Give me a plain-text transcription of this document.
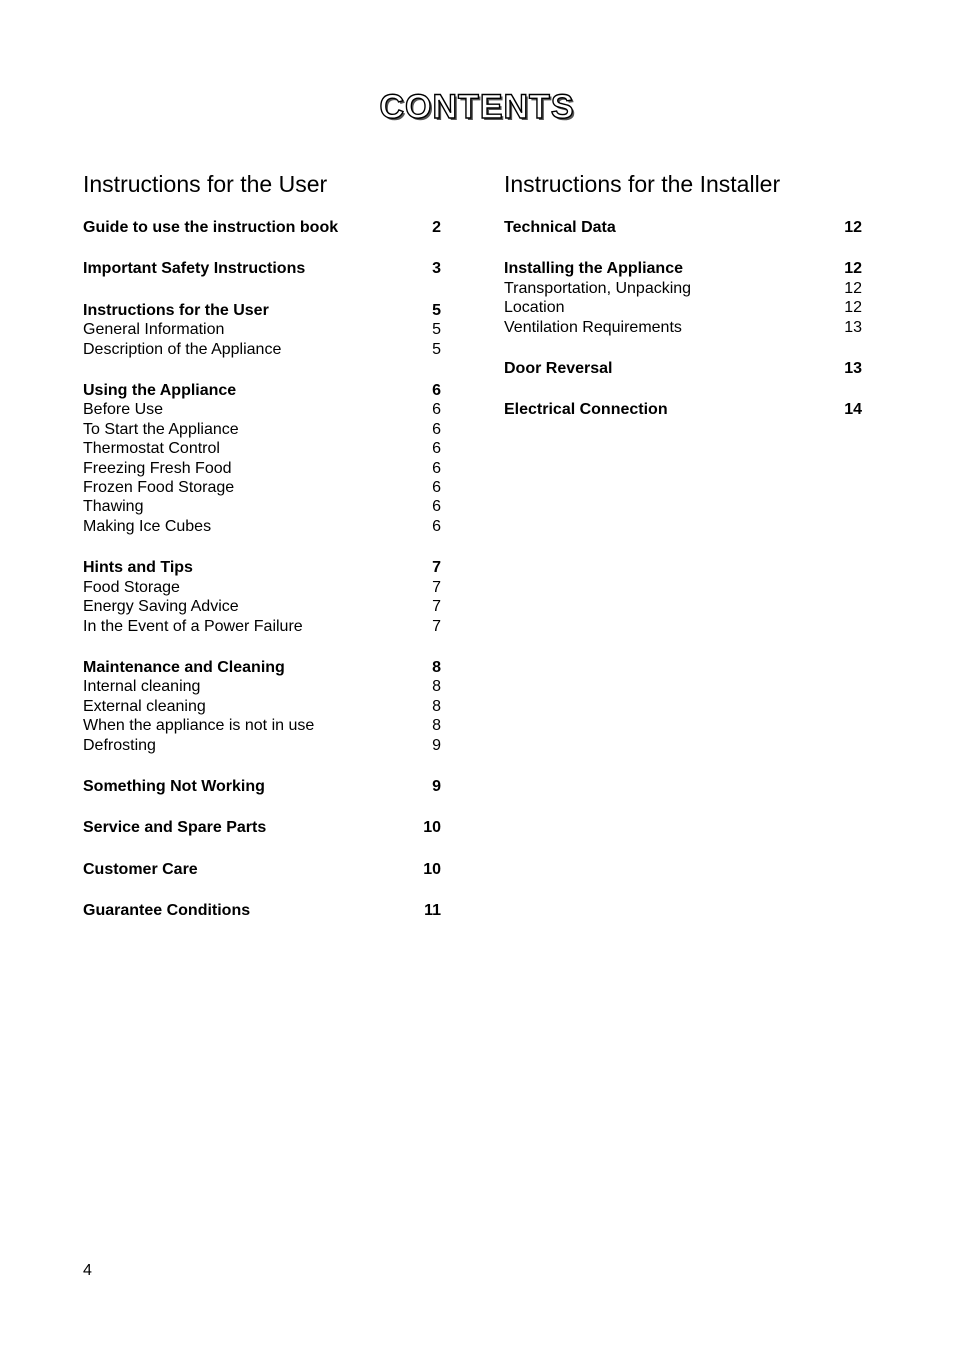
CONTENTS
Instructions for the User
Guide to use the instruction book	2
Important Safety Instructions	3
Instructions for the User	5
General Information	5
Description of the Appliance	5
Using the Appliance	6
Before Use	6
To Start the Appliance	6
Thermostat Control	6
Freezing Fresh Food	6
Frozen Food Storage	6
Thawing	6
Making Ice Cubes	6
Hints and Tips	7
Food Storage	7
Energy Saving Advice	7
In the Event of a Power Failure	7
Maintenance and Cleaning	8
Internal cleaning	8
External cleaning	8
When the appliance is not in use	8
Defrosting	9
Something Not Working	9
Service and Spare Parts	10
Customer Care	10
Guarantee Conditions	11
Instructions for the Installer
Technical Data	12
Installing the Appliance	12
Transportation, Unpacking	12
Location	12
Ventilation Requirements	13
Door Reversal	13
Electrical Connection	14
4
